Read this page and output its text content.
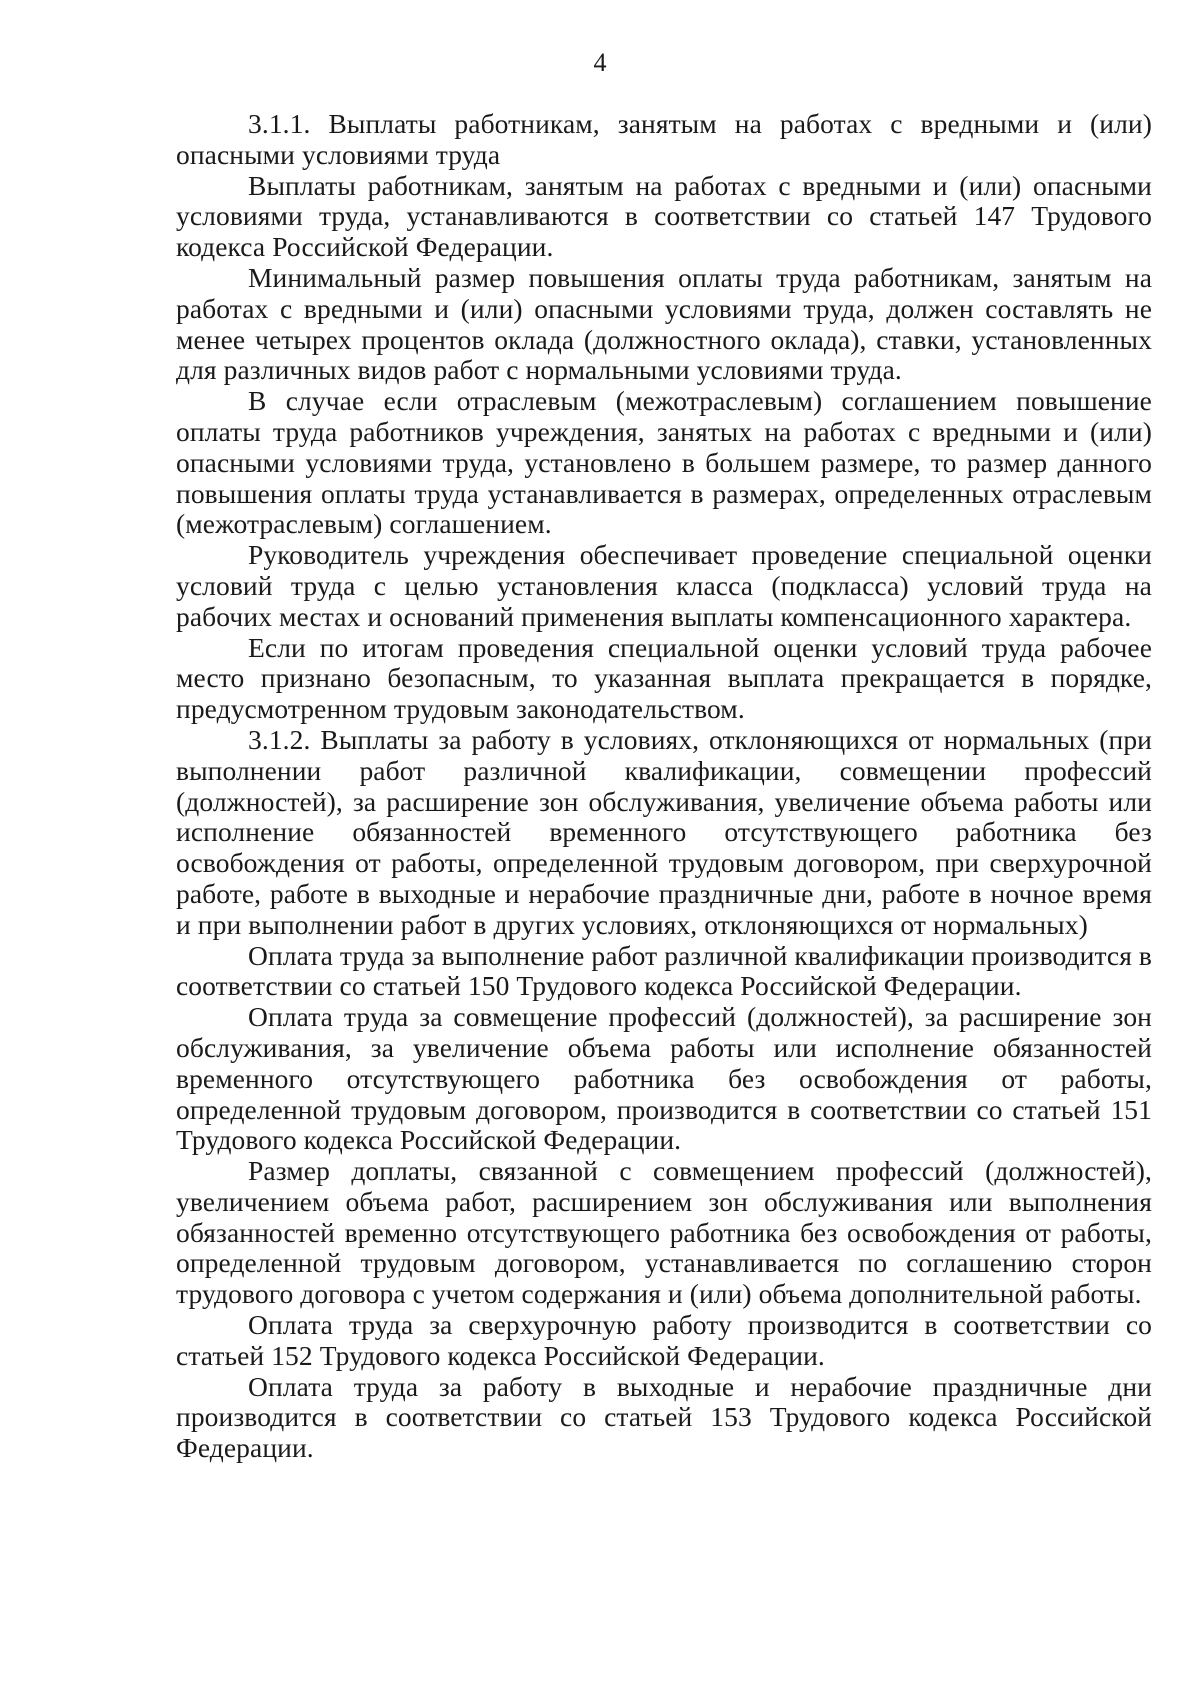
4

3.1.1. Выплаты работникам, занятым на работах с вредными и (или) опасными условиями труда

Выплаты работникам, занятым на работах с вредными и (или) опасными условиями труда, устанавливаются в соответствии со статьей 147 Трудового кодекса Российской Федерации.

Минимальный размер повышения оплаты труда работникам, занятым на работах с вредными и (или) опасными условиями труда, должен составлять не менее четырех процентов оклада (должностного оклада), ставки, установленных для различных видов работ с нормальными условиями труда.

В случае если отраслевым (межотраслевым) соглашением повышение оплаты труда работников учреждения, занятых на работах с вредными и (или) опасными условиями труда, установлено в большем размере, то размер данного повышения оплаты труда устанавливается в размерах, определенных отраслевым (межотраслевым) соглашением.

Руководитель учреждения обеспечивает проведение специальной оценки условий труда с целью установления класса (подкласса) условий труда на рабочих местах и оснований применения выплаты компенсационного характера.

Если по итогам проведения специальной оценки условий труда рабочее место признано безопасным, то указанная выплата прекращается в порядке, предусмотренном трудовым законодательством.

3.1.2. Выплаты за работу в условиях, отклоняющихся от нормальных (при выполнении работ различной квалификации, совмещении профессий (должностей), за расширение зон обслуживания, увеличение объема работы или исполнение обязанностей временного отсутствующего работника без освобождения от работы, определенной трудовым договором, при сверхурочной работе, работе в выходные и нерабочие праздничные дни, работе в ночное время и при выполнении работ в других условиях, отклоняющихся от нормальных)

Оплата труда за выполнение работ различной квалификации производится в соответствии со статьей 150 Трудового кодекса Российской Федерации.

Оплата труда за совмещение профессий (должностей), за расширение зон обслуживания, за увеличение объема работы или исполнение обязанностей временного отсутствующего работника без освобождения от работы, определенной трудовым договором, производится в соответствии со статьей 151 Трудового кодекса Российской Федерации.

Размер доплаты, связанной с совмещением профессий (должностей), увеличением объема работ, расширением зон обслуживания или выполнения обязанностей временно отсутствующего работника без освобождения от работы, определенной трудовым договором, устанавливается по соглашению сторон трудового договора с учетом содержания и (или) объема дополнительной работы.

Оплата труда за сверхурочную работу производится в соответствии со статьей 152 Трудового кодекса Российской Федерации.

Оплата труда за работу в выходные и нерабочие праздничные дни производится в соответствии со статьей 153 Трудового кодекса Российской Федерации.
